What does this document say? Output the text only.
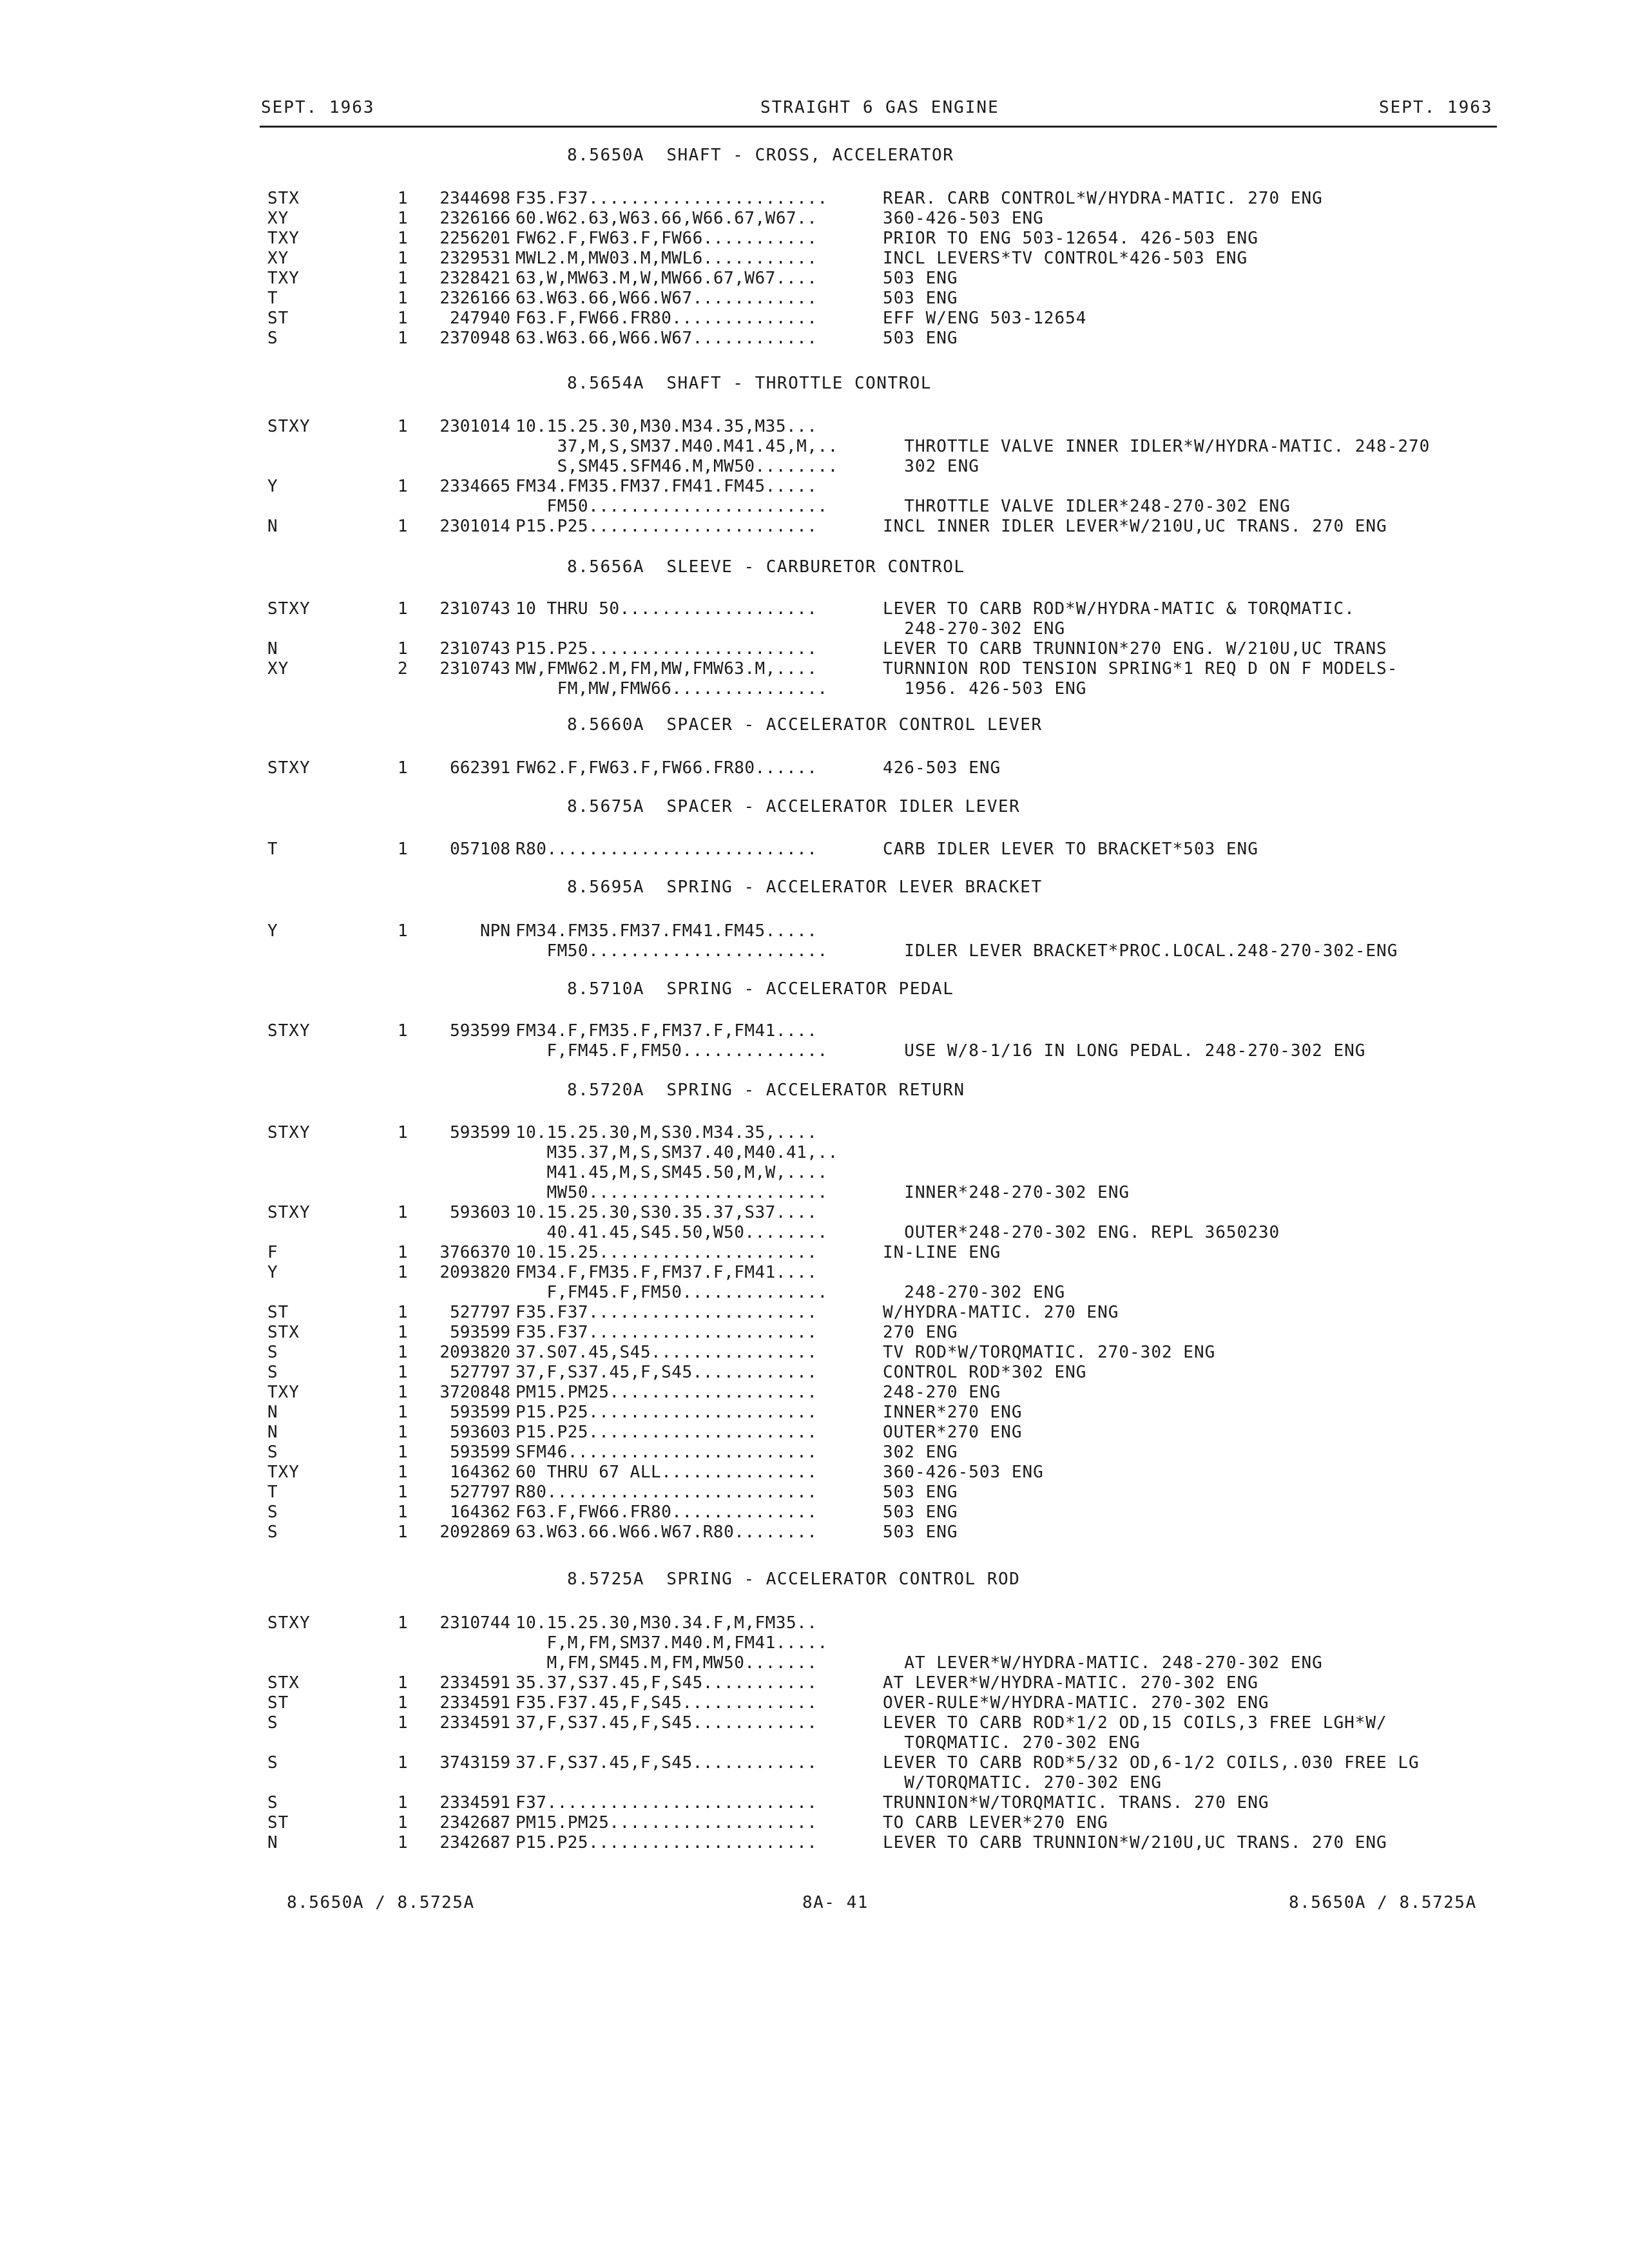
SEPT. 1963	STRAIGHT 6 GAS ENGINE	SEPT. 1963
8.5650A  SHAFT - CROSS, ACCELERATOR
STX	1 2344698 F35.F37.......................	REAR. CARB CONTROL*W/HYDRA-MATIC. 270 ENG
XY	1 2326166 60.W62.63,W63.66,W66.67,W67..	360-426-503 ENG
TXY	1 2256201 FW62.F,FW63.F,FW66...........	PRIOR TO ENG 503-12654. 426-503 ENG
XY	1 2329531 MWL2.M,MW03.M,MWL6...........	INCL LEVERS*TV CONTROL*426-503 ENG
TXY	1 2328421 63,W,MW63.M,W,MW66.67,W67....	503 ENG
T	1 2326166 63.W63.66,W66.W67............	503 ENG
ST	1	247940 F63.F,FW66.FR80..............	EFF W/ENG 503-12654
S	1 2370948 63.W63.66,W66.W67............	503 ENG
8.5654A  SHAFT - THROTTLE CONTROL
STXY	1 2301014 10.15.25.30,M30.M34.35,M35...
37,M,S,SM37.M40.M41.45,M,..	THROTTLE VALVE INNER IDLER*W/HYDRA-MATIC. 248-270
S,SM45.SFM46.M,MW50........	302 ENG
Y	1 2334665 FM34.FM35.FM37.FM41.FM45.....
FM50.......................	THROTTLE VALVE IDLER*248-270-302 ENG
N	1 2301014 P15.P25......................	INCL INNER IDLER LEVER*W/210U,UC TRANS. 270 ENG
8.5656A  SLEEVE - CARBURETOR CONTROL
STXY	1 2310743 10 THRU 50...................	LEVER TO CARB ROD*W/HYDRA-MATIC & TORQMATIC.
248-270-302 ENG
N	1 2310743 P15.P25......................	LEVER TO CARB TRUNNION*270 ENG. W/210U,UC TRANS
XY	2 2310743 MW,FMW62.M,FM,MW,FMW63.M,....	TURNNION ROD TENSION SPRING*1 REQ D ON F MODELS-
FM,MW,FMW66...............	1956. 426-503 ENG
8.5660A  SPACER - ACCELERATOR CONTROL LEVER
STXY	1	662391 FW62.F,FW63.F,FW66.FR80......	426-503 ENG
8.5675A  SPACER - ACCELERATOR IDLER LEVER
T	1	057108 R80..........................	CARB IDLER LEVER TO BRACKET*503 ENG
8.5695A  SPRING - ACCELERATOR LEVER BRACKET
Y	1	NPN FM34.FM35.FM37.FM41.FM45.....
FM50.......................	IDLER LEVER BRACKET*PROC.LOCAL.248-270-302-ENG
8.5710A  SPRING - ACCELERATOR PEDAL
STXY	1	593599 FM34.F,FM35.F,FM37.F,FM41....
F,FM45.F,FM50..............	USE W/8-1/16 IN LONG PEDAL. 248-270-302 ENG
8.5720A  SPRING - ACCELERATOR RETURN
STXY	1	593599 10.15.25.30,M,S30.M34.35,....
M35.37,M,S,SM37.40,M40.41,..
M41.45,M,S,SM45.50,M,W,....
MW50.......................	INNER*248-270-302 ENG
STXY	1	593603 10.15.25.30,S30.35.37,S37....
40.41.45,S45.50,W50........	OUTER*248-270-302 ENG. REPL 3650230
F	1 3766370 10.15.25.....................	IN-LINE ENG
Y	1 2093820 FM34.F,FM35.F,FM37.F,FM41....
F,FM45.F,FM50..............	248-270-302 ENG
ST	1	527797 F35.F37......................	W/HYDRA-MATIC. 270 ENG
STX	1	593599 F35.F37......................	270 ENG
S	1 2093820 37.S07.45,S45................	TV ROD*W/TORQMATIC. 270-302 ENG
S	1	527797 37,F,S37.45,F,S45............	CONTROL ROD*302 ENG
TXY	1 3720848 PM15.PM25....................	248-270 ENG
N	1	593599 P15.P25......................	INNER*270 ENG
N	1	593603 P15.P25......................	OUTER*270 ENG
S	1	593599 SFM46........................	302 ENG
TXY	1	164362 60 THRU 67 ALL...............	360-426-503 ENG
T	1	527797 R80..........................	503 ENG
S	1	164362 F63.F,FW66.FR80..............	503 ENG
S	1 2092869 63.W63.66.W66.W67.R80........	503 ENG
8.5725A  SPRING - ACCELERATOR CONTROL ROD
STXY	1 2310744 10.15.25.30,M30.34.F,M,FM35..
F,M,FM,SM37.M40.M,FM41.....
M,FM,SM45.M,FM,MW50.......	AT LEVER*W/HYDRA-MATIC. 248-270-302 ENG
STX	1 2334591 35.37,S37.45,F,S45...........	AT LEVER*W/HYDRA-MATIC. 270-302 ENG
ST	1 2334591 F35.F37.45,F,S45.............	OVER-RULE*W/HYDRA-MATIC. 270-302 ENG
S	1 2334591 37,F,S37.45,F,S45............	LEVER TO CARB ROD*1/2 OD,15 COILS,3 FREE LGH*W/
TORQMATIC. 270-302 ENG
S	1 3743159 37.F,S37.45,F,S45............	LEVER TO CARB ROD*5/32 OD,6-1/2 COILS,.030 FREE LG
W/TORQMATIC. 270-302 ENG
S	1 2334591 F37..........................	TRUNNION*W/TORQMATIC. TRANS. 270 ENG
ST	1 2342687 PM15.PM25....................	TO CARB LEVER*270 ENG
N	1 2342687 P15.P25......................	LEVER TO CARB TRUNNION*W/210U,UC TRANS. 270 ENG
8.5650A / 8.5725A	8A- 41	8.5650A / 8.5725A
